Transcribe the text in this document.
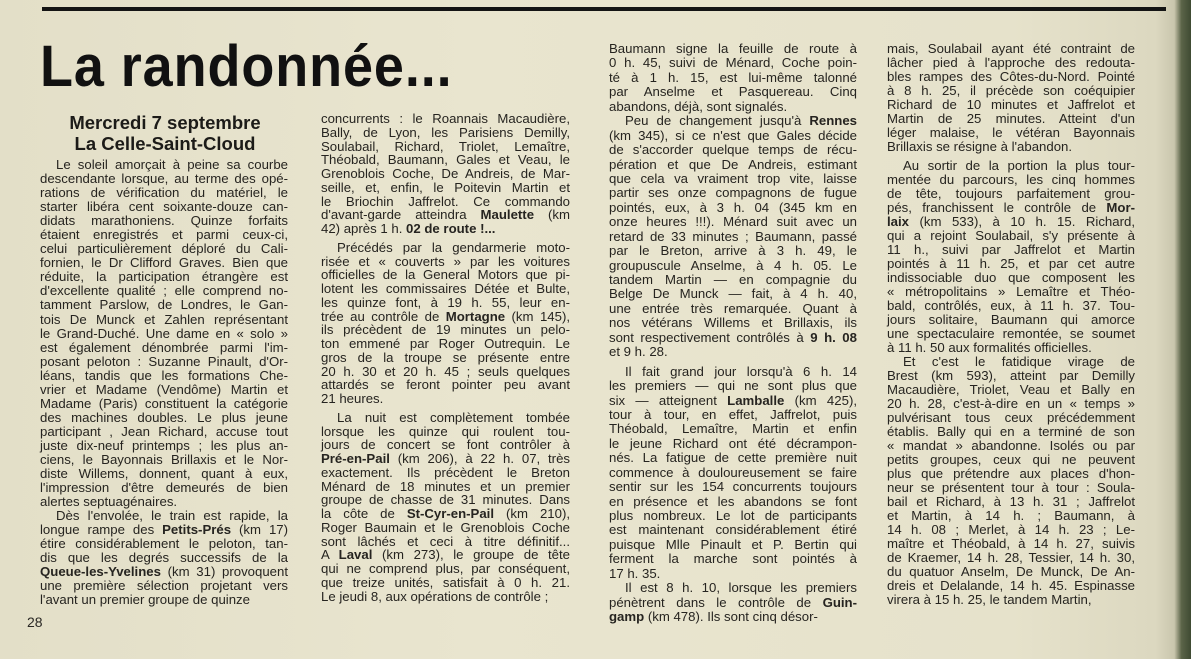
La randonnée...
Mercredi 7 septembre
La Celle-Saint-Cloud
Le soleil amorçait à peine sa courbe
descendante lorsque, au terme des opé-
rations de vérification du matériel, le
starter libéra cent soixante-douze can-
didats marathoniens. Quinze forfaits
étaient enregistrés et parmi ceux-ci,
celui particulièrement déploré du Cali-
fornien, le Dr Clifford Graves. Bien que
réduite, la participation étrangère est
d'excellente qualité ; elle comprend no-
tamment Parslow, de Londres, le Gan-
tois De Munck et Zahlen représentant
le Grand-Duché. Une dame en « solo »
est également dénombrée parmi l'im-
posant peloton : Suzanne Pinault, d'Or-
léans, tandis que les formations Che-
vrier et Madame (Vendôme) Martin et
Madame (Paris) constituent la catégorie
des machines doubles. Le plus jeune
participant , Jean Richard, accuse tout
juste dix-neuf printemps ; les plus an-
ciens, le Bayonnais Brillaxis et le Nor-
diste Willems, donnent, quant à eux,
l'impression d'être demeurés de bien
alertes septuagénaires.
Dès l'envolée, le train est rapide, la
longue rampe des Petits-Prés (km 17)
étire considérablement le peloton, tan-
dis que les degrés successifs de la
Queue-les-Yvelines (km 31) provoquent
une première sélection projetant vers
l'avant un premier groupe de quinze
concurrents : le Roannais Macaudière,
Bally, de Lyon, les Parisiens Demilly,
Soulabail, Richard, Triolet, Lemaître,
Théobald, Baumann, Gales et Veau, le
Grenoblois Coche, De Andreis, de Mar-
seille, et, enfin, le Poitevin Martin et
le Briochin Jaffrelot. Ce commando
d'avant-garde atteindra Maulette (km
42) après 1 h. 02 de route !...
Précédés par la gendarmerie moto-
risée et « couverts » par les voitures
officielles de la General Motors que pi-
lotent les commissaires Détée et Bulte,
les quinze font, à 19 h. 55, leur en-
trée au contrôle de Mortagne (km 145),
ils précèdent de 19 minutes un pelo-
ton emmené par Roger Outrequin. Le
gros de la troupe se présente entre
20 h. 30 et 20 h. 45 ; seuls quelques
attardés se feront pointer peu avant
21 heures.
La nuit est complètement tombée
lorsque les quinze qui roulent tou-
jours de concert se font contrôler à
Pré-en-Pail (km 206), à 22 h. 07, très
exactement. Ils précèdent le Breton
Ménard de 18 minutes et un premier
groupe de chasse de 31 minutes. Dans
la côte de St-Cyr-en-Pail (km 210),
Roger Baumain et le Grenoblois Coche
sont lâchés et ceci à titre définitif...
A Laval (km 273), le groupe de tête
qui ne comprend plus, par conséquent,
que treize unités, satisfait à 0 h. 21.
Le jeudi 8, aux opérations de contrôle ;
Baumann signe la feuille de route à
0 h. 45, suivi de Ménard, Coche poin-
té à 1 h. 15, est lui-même talonné
par Anselme et Pasquereau. Cinq
abandons, déjà, sont signalés.
Peu de changement jusqu'à Rennes
(km 345), si ce n'est que Gales décide
de s'accorder quelque temps de récu-
pération et que De Andreis, estimant
que cela va vraiment trop vite, laisse
partir ses onze compagnons de fugue
pointés, eux, à 3 h. 04 (345 km en
onze heures !!!). Ménard suit avec un
retard de 33 minutes ; Baumann, passé
par le Breton, arrive à 3 h. 49, le
groupuscule Anselme, à 4 h. 05. Le
tandem Martin — en compagnie du
Belge De Munck — fait, à 4 h. 40,
une entrée très remarquée. Quant à
nos vétérans Willems et Brillaxis, ils
sont respectivement contrôlés à 9 h. 08
et 9 h. 28.
Il fait grand jour lorsqu'à 6 h. 14
les premiers — qui ne sont plus que
six — atteignent Lamballe (km 425),
tour à tour, en effet, Jaffrelot, puis
Théobald, Lemaître, Martin et enfin
le jeune Richard ont été décrampon-
nés. La fatigue de cette première nuit
commence à douloureusement se faire
sentir sur les 154 concurrents toujours
en présence et les abandons se font
plus nombreux. Le lot de participants
est maintenant considérablement étiré
puisque Mlle Pinault et P. Bertin qui
ferment la marche sont pointés à
17 h. 35.
Il est 8 h. 10, lorsque les premiers
pénètrent dans le contrôle de Guin-
gamp (km 478). Ils sont cinq désor-
mais, Soulabail ayant été contraint de
lâcher pied à l'approche des redouta-
bles rampes des Côtes-du-Nord. Pointé
à 8 h. 25, il précède son coéquipier
Richard de 10 minutes et Jaffrelot et
Martin de 25 minutes. Atteint d'un
léger malaise, le vétéran Bayonnais
Brillaxis se résigne à l'abandon.
Au sortir de la portion la plus tour-
mentée du parcours, les cinq hommes
de tête, toujours parfaitement grou-
pés, franchissent le contrôle de Mor-
laix (km 533), à 10 h. 15. Richard,
qui a rejoint Soulabail, s'y présente à
11 h., suivi par Jaffrelot et Martin
pointés à 11 h. 25, et par cet autre
indissociable duo que composent les
« métropolitains » Lemaître et Théo-
bald, contrôlés, eux, à 11 h. 37. Tou-
jours solitaire, Baumann qui amorce
une spectaculaire remontée, se soumet
à 11 h. 50 aux formalités officielles.
Et c'est le fatidique virage de
Brest (km 593), atteint par Demilly
Macaudière, Triolet, Veau et Bally en
20 h. 28, c'est-à-dire en un « temps »
pulvérisant tous ceux précédemment
établis. Bally qui en a terminé de son
« mandat » abandonne. Isolés ou par
petits groupes, ceux qui ne peuvent
plus que prétendre aux places d'hon-
neur se présentent tour à tour : Soula-
bail et Richard, à 13 h. 31 ; Jaffrelot
et Martin, à 14 h. ; Baumann, à
14 h. 08 ; Merlet, à 14 h. 23 ; Le-
maître et Théobald, à 14 h. 27, suivis
de Kraemer, 14 h. 28, Tessier, 14 h. 30,
du quatuor Anselm, De Munck, De An-
dreis et Delalande, 14 h. 45. Espinasse
virera à 15 h. 25, le tandem Martin,
28
